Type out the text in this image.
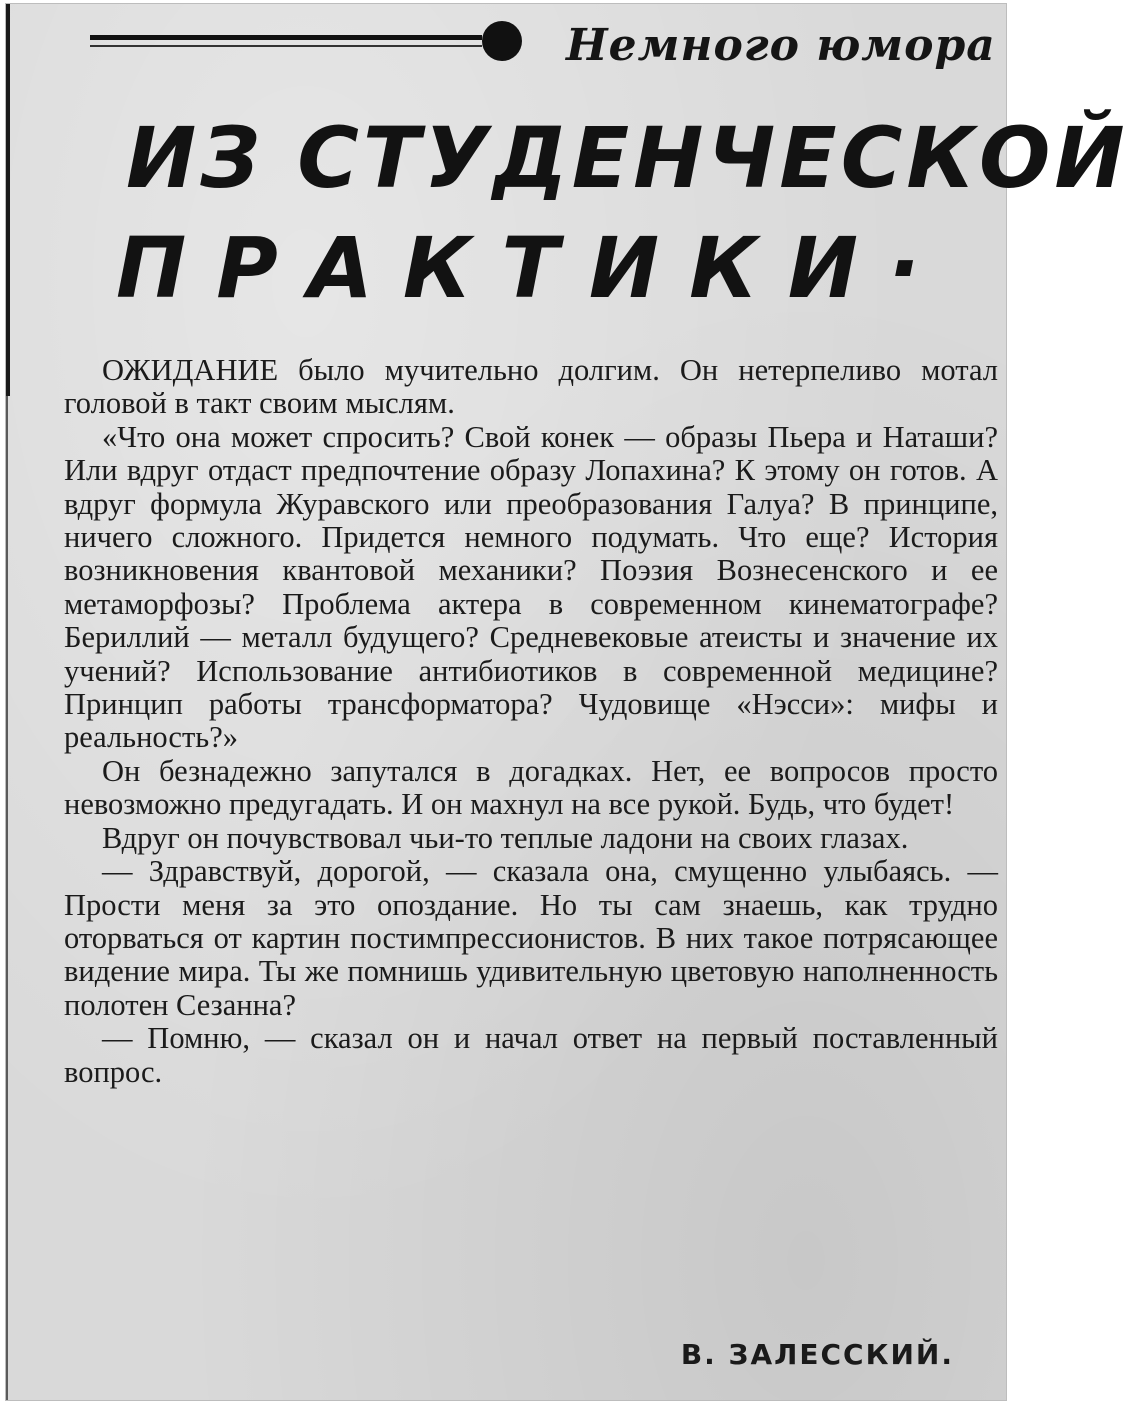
Немного юмора
ИЗ СТУДЕНЧЕСКОЙ
ПРАКТИКИ·

ОЖИДАНИЕ было мучительно долгим. Он нетерпеливо мотал головой в такт своим мыслям.

«Что она может спросить? Свой конек — образы Пьера и Наташи? Или вдруг отдаст предпочтение образу Лопахина? К этому он готов. А вдруг формула Журавского или преобразования Галуа? В принципе, ничего сложного. Придется немного подумать. Что еще? История возникновения квантовой механики? Поэзия Вознесенского и ее метаморфозы? Проблема актера в современном кинематографе? Бериллий — металл будущего? Средневековые атеисты и значение их учений? Использование антибиотиков в современной медицине? Принцип работы трансформатора? Чудовище «Нэсси»: мифы и реальность?»

Он безнадежно запутался в догадках. Нет, ее вопросов просто невозможно предугадать. И он махнул на все рукой. Будь, что будет!

Вдруг он почувствовал чьи-то теплые ладони на своих глазах.

— Здравствуй, дорогой, — сказала она, смущенно улыбаясь. — Прости меня за это опоздание. Но ты сам знаешь, как трудно оторваться от картин постимпрессионистов. В них такое потрясающее видение мира. Ты же помнишь удивительную цветовую наполненность полотен Сезанна?

— Помню, — сказал он и начал ответ на первый поставленный вопрос.

В. ЗАЛЕССКИЙ.
